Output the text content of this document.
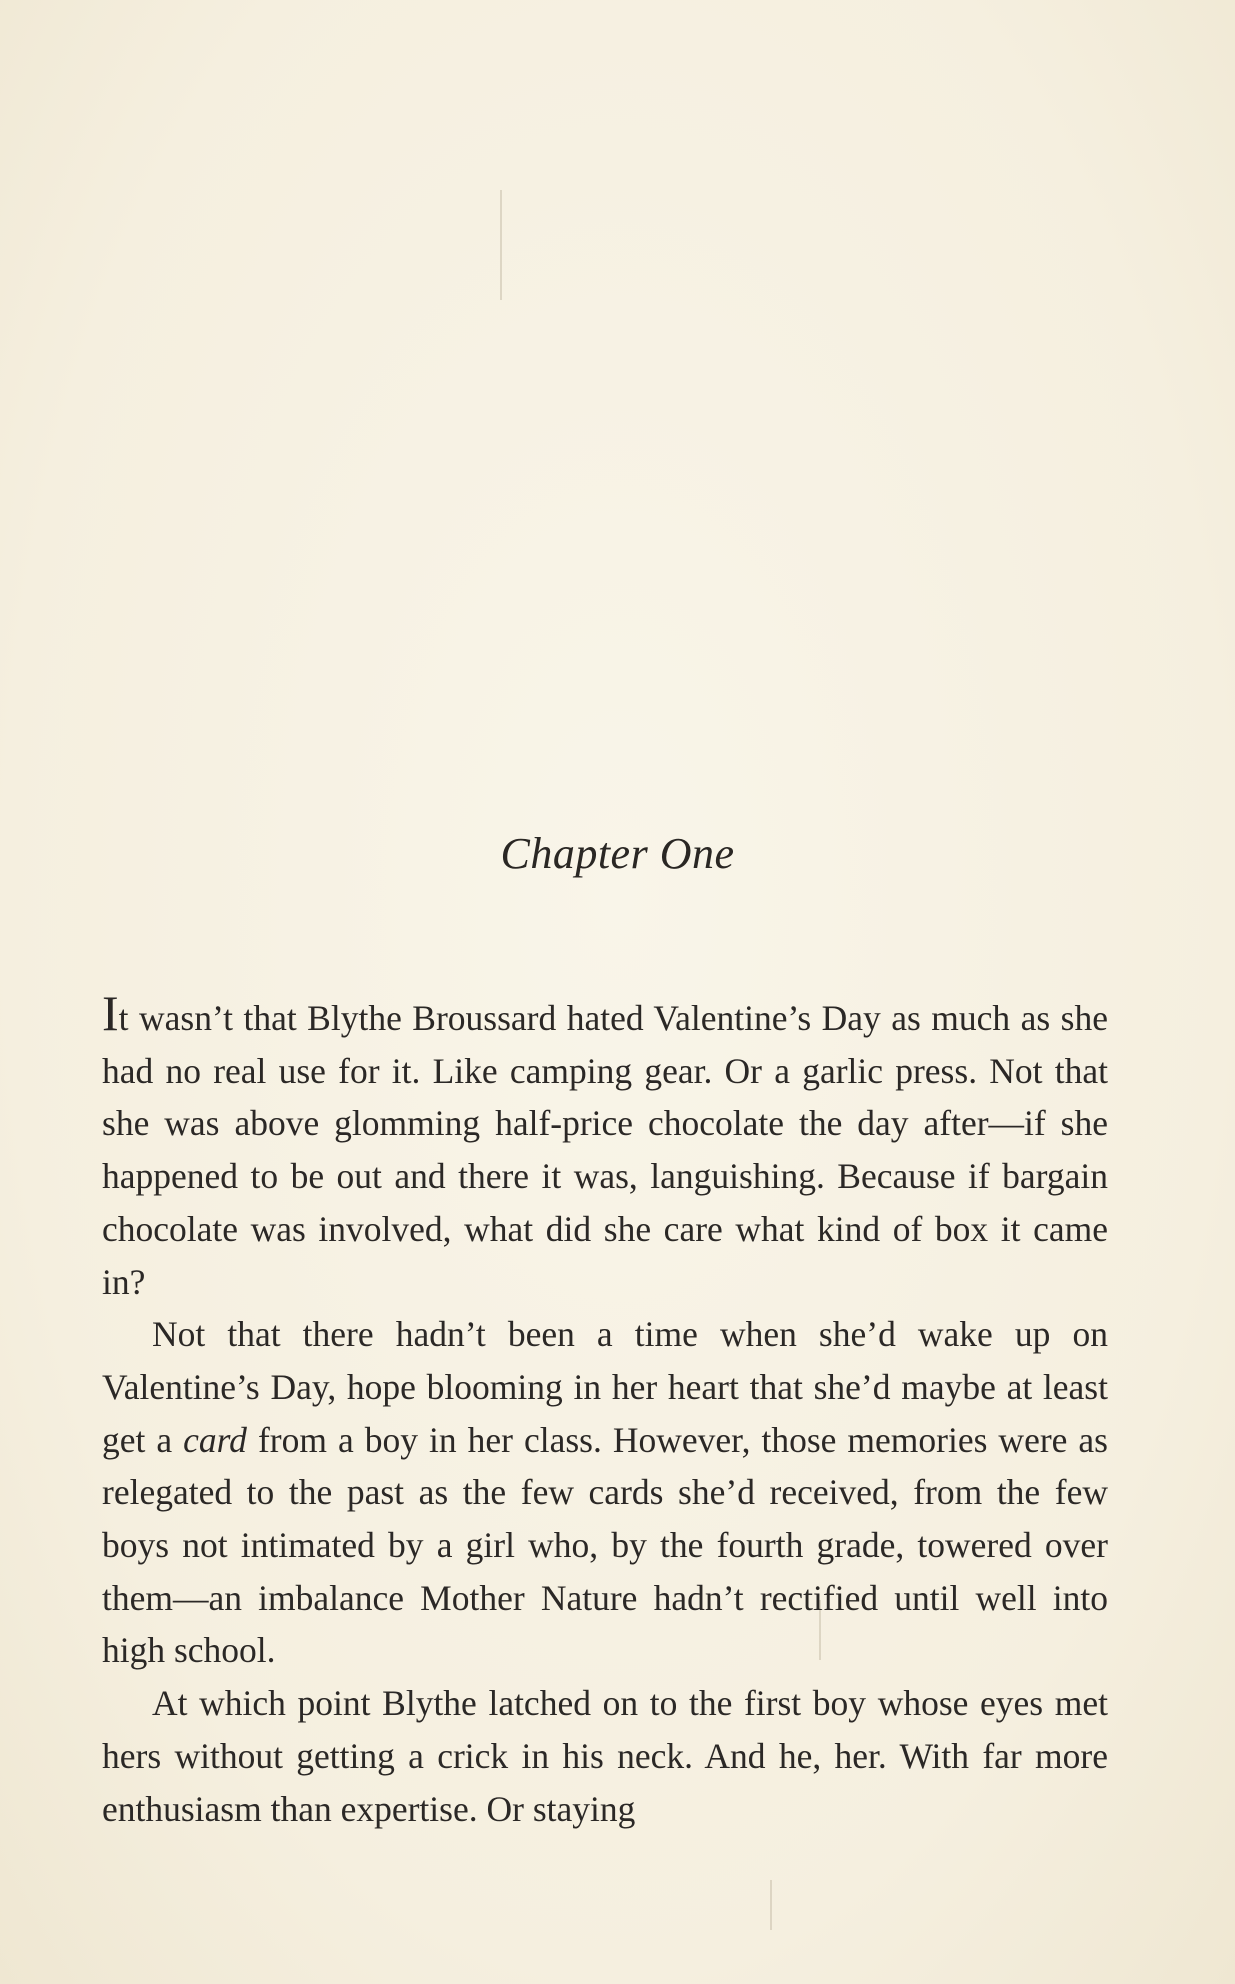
Chapter One

It wasn’t that Blythe Broussard hated Valentine’s Day as much as she had no real use for it. Like camping gear. Or a garlic press. Not that she was above glomming half-price chocolate the day after—if she happened to be out and there it was, languishing. Because if bargain chocolate was involved, what did she care what kind of box it came in?

Not that there hadn’t been a time when she’d wake up on Valentine’s Day, hope blooming in her heart that she’d maybe at least get a card from a boy in her class. However, those memories were as relegated to the past as the few cards she’d received, from the few boys not intimated by a girl who, by the fourth grade, towered over them—an imbalance Mother Nature hadn’t rectified until well into high school.

At which point Blythe latched on to the first boy whose eyes met hers without getting a crick in his neck. And he, her. With far more enthusiasm than expertise. Or staying
